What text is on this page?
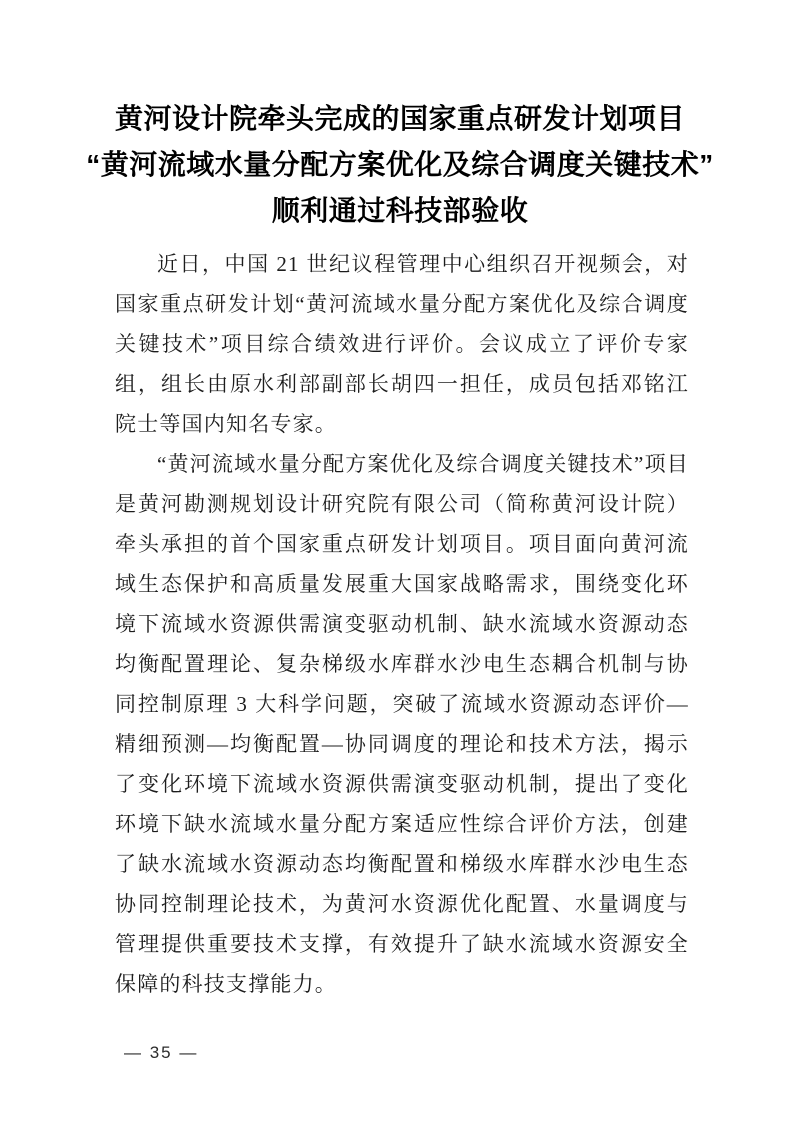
黄河设计院牵头完成的国家重点研发计划项目
“黄河流域水量分配方案优化及综合调度关键技术”
顺利通过科技部验收

近日，中国 21 世纪议程管理中心组织召开视频会，对国家重点研发计划“黄河流域水量分配方案优化及综合调度关键技术”项目综合绩效进行评价。会议成立了评价专家组，组长由原水利部副部长胡四一担任，成员包括邓铭江院士等国内知名专家。

“黄河流域水量分配方案优化及综合调度关键技术”项目是黄河勘测规划设计研究院有限公司（简称黄河设计院）牵头承担的首个国家重点研发计划项目。项目面向黄河流域生态保护和高质量发展重大国家战略需求，围绕变化环境下流域水资源供需演变驱动机制、缺水流域水资源动态均衡配置理论、复杂梯级水库群水沙电生态耦合机制与协同控制原理 3 大科学问题，突破了流域水资源动态评价—精细预测—均衡配置—协同调度的理论和技术方法，揭示了变化环境下流域水资源供需演变驱动机制，提出了变化环境下缺水流域水量分配方案适应性综合评价方法，创建了缺水流域水资源动态均衡配置和梯级水库群水沙电生态协同控制理论技术，为黄河水资源优化配置、水量调度与管理提供重要技术支撑，有效提升了缺水流域水资源安全保障的科技支撑能力。

— 35 —
